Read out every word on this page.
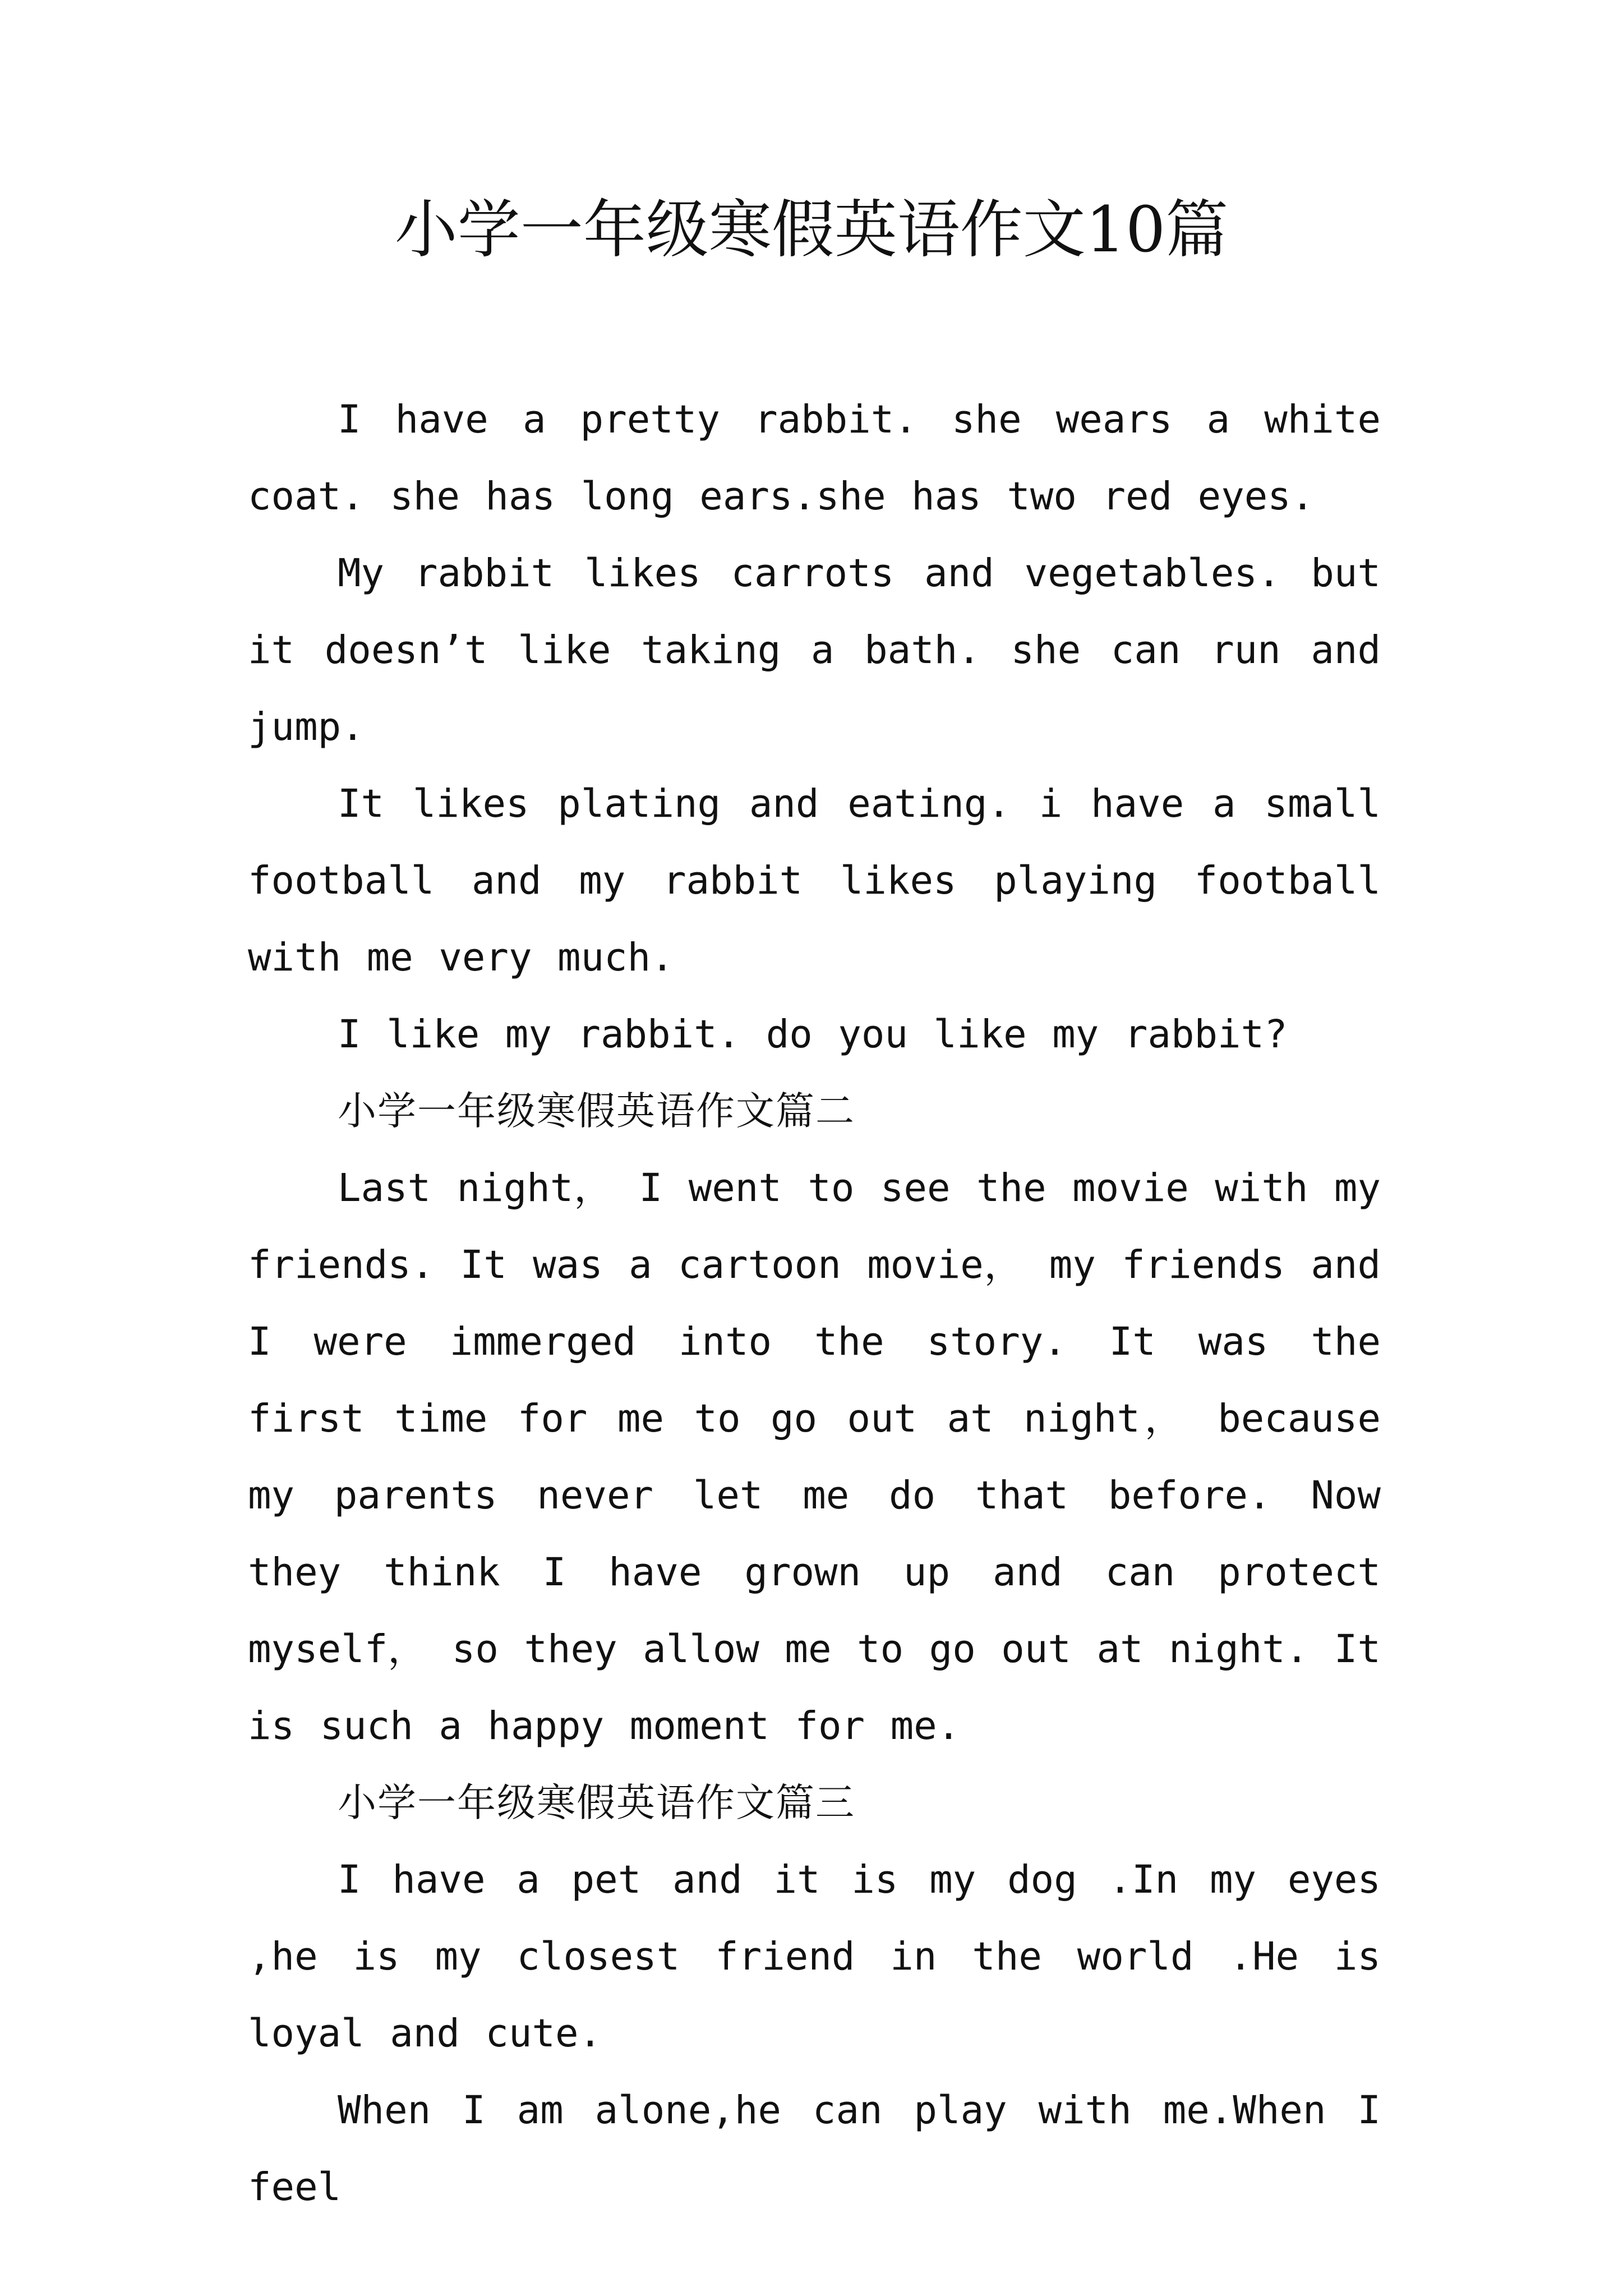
小学一年级寒假英语作文10篇

I have a pretty rabbit. she wears a white coat. she has long ears.she has two red eyes.

My rabbit likes carrots and vegetables. but it doesn’t like taking a bath. she can run and jump.

It likes plating and eating. i have a small football and my rabbit likes playing football with me very much.

I like my rabbit. do you like my rabbit?

小学一年级寒假英语作文篇二

Last night， I went to see the movie with my friends. It was a cartoon movie， my friends and I were immerged into the story. It was the first time for me to go out at night， because my parents never let me do that before. Now they think I have grown up and can protect myself， so they allow me to go out at night. It is such a happy moment for me.

小学一年级寒假英语作文篇三

I have a pet and it is my dog .In my eyes ,he is my closest friend in the world .He is loyal and cute.

When I am alone,he can play with me.When I feel
